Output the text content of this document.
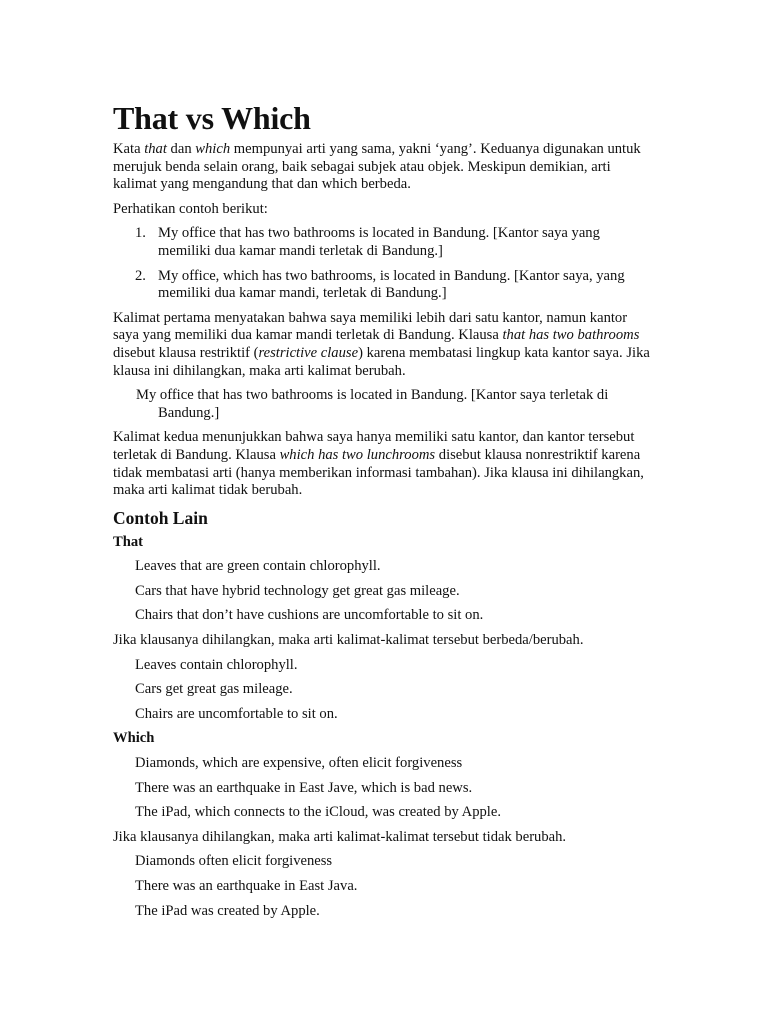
That vs Which

Kata that dan which mempunyai arti yang sama, yakni ‘yang’. Keduanya digunakan untuk merujuk benda selain orang, baik sebagai subjek atau objek. Meskipun demikian, arti kalimat yang mengandung that dan which berbeda.

Perhatikan contoh berikut:

1. My office that has two bathrooms is located in Bandung. [Kantor saya yang memiliki dua kamar mandi terletak di Bandung.]
2. My office, which has two bathrooms, is located in Bandung. [Kantor saya, yang memiliki dua kamar mandi, terletak di Bandung.]

Kalimat pertama menyatakan bahwa saya memiliki lebih dari satu kantor, namun kantor saya yang memiliki dua kamar mandi terletak di Bandung. Klausa that has two bathrooms disebut klausa restriktif (restrictive clause) karena membatasi lingkup kata kantor saya. Jika klausa ini dihilangkan, maka arti kalimat berubah.

My office that has two bathrooms is located in Bandung. [Kantor saya terletak di Bandung.]

Kalimat kedua menunjukkan bahwa saya hanya memiliki satu kantor, dan kantor tersebut terletak di Bandung. Klausa which has two lunchrooms disebut klausa nonrestriktif karena tidak membatasi arti (hanya memberikan informasi tambahan). Jika klausa ini dihilangkan, maka arti kalimat tidak berubah.

Contoh Lain
That

Leaves that are green contain chlorophyll.

Cars that have hybrid technology get great gas mileage.

Chairs that don’t have cushions are uncomfortable to sit on.

Jika klausanya dihilangkan, maka arti kalimat-kalimat tersebut berbeda/berubah.

Leaves contain chlorophyll.

Cars get great gas mileage.

Chairs are uncomfortable to sit on.

Which

Diamonds, which are expensive, often elicit forgiveness

There was an earthquake in East Jave, which is bad news.

The iPad, which connects to the iCloud, was created by Apple.

Jika klausanya dihilangkan, maka arti kalimat-kalimat tersebut tidak berubah.

Diamonds often elicit forgiveness

There was an earthquake in East Java.

The iPad was created by Apple.
